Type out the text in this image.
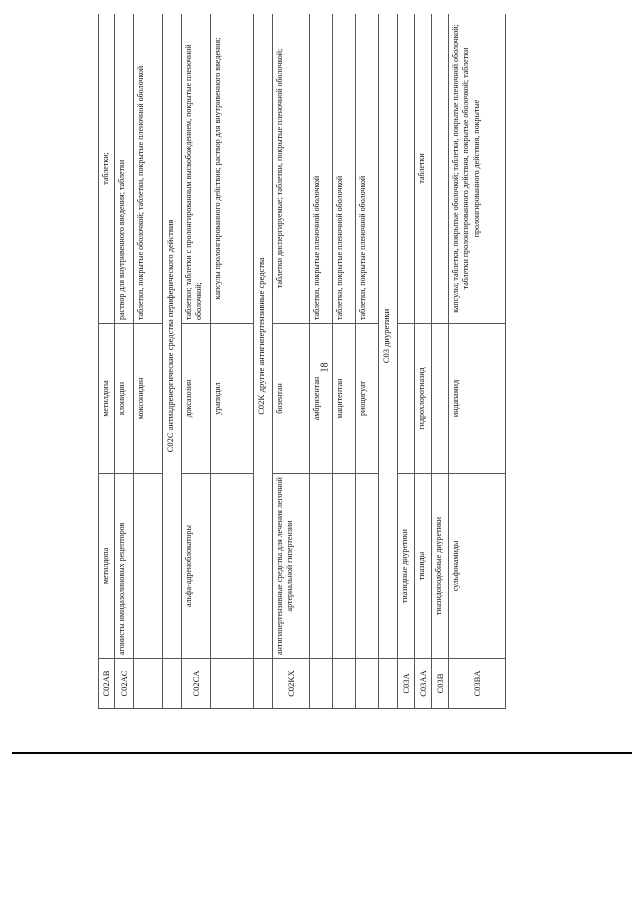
18
C02AB	метилдопа	метилдопа	таблетки;
C02AC	агонисты имидазолиновых рецепторов	клонидин	раствор для внутривенного введения; таблетки
		моксонидин	таблетки, покрытые оболочкой; таблетки, покрытые пленочной оболочкой
	C02C антиадренергические средства периферического действия		
C02CA	альфа-адреноблокаторы	доксазозин	таблетки; таблетки с пролонгированным высвобождением, покрытые пленочной оболочкой;
		урапидил	капсулы пролонгированного действия; раствор для внутривенного введения;
	C02K другие антигипертензивные средства		
C02KX	антигипертензивные средства для лечения легочной артериальной гипертензии	бозентан	таблетки диспергируемые; таблетки, покрытые пленочной оболочкой;
		амбризентан	таблетки, покрытые пленочной оболочкой
		мацитентан	таблетки, покрытые пленочной оболочкой
		риоцигуат	таблетки, покрытые пленочной оболочкой
	C03 диуретики		
C03A	тиазидные диуретики		
C03AA	тиазиды	гидрохлоротиазид	таблетки
C03B	тиазидоподобные диуретики		
C03BA	сульфонамиды	индапамид	капсулы; таблетки, покрытые оболочкой; таблетки, покрытые пленочной оболочкой; таблетки пролонгированного действия, покрытые оболочкой; таблетки пролонгированного действия, покрытые
